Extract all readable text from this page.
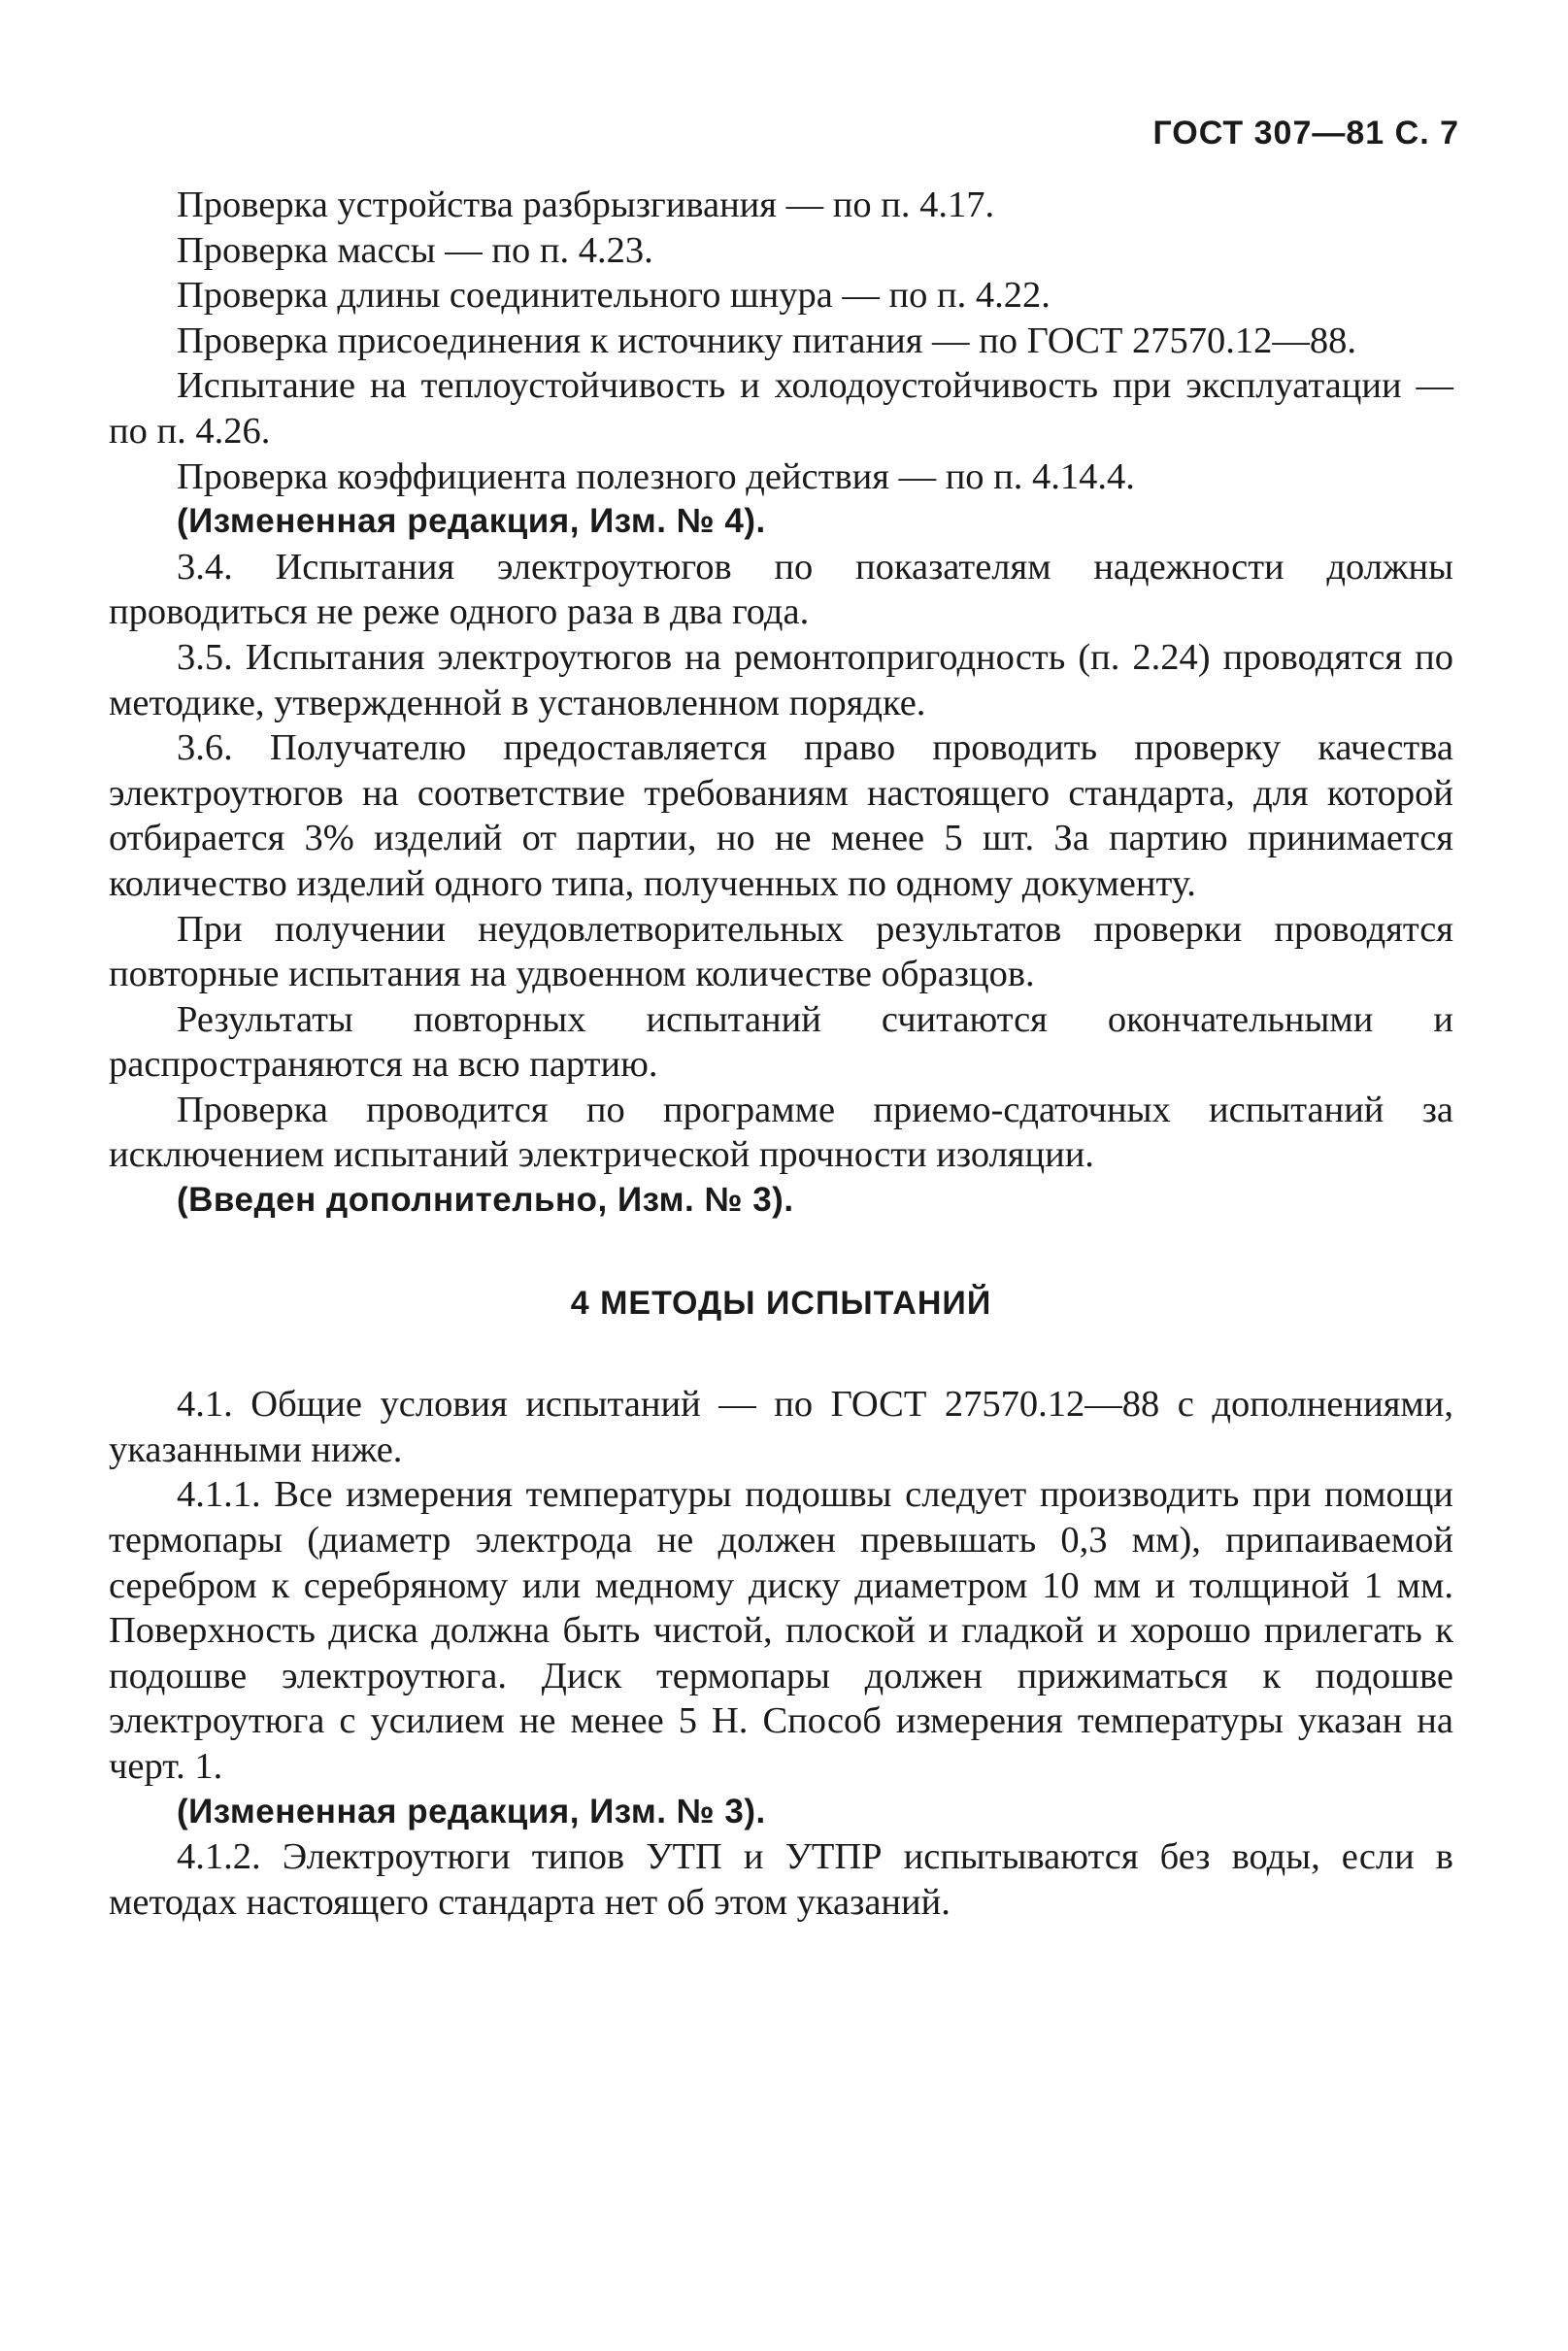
ГОСТ 307—81 С. 7

Проверка устройства разбрызгивания — по п. 4.17.

Проверка массы — по п. 4.23.

Проверка длины соединительного шнура — по п. 4.22.

Проверка присоединения к источнику питания — по ГОСТ 27570.12—88.

Испытание на теплоустойчивость и холодоустойчивость при эксплуатации — по п. 4.26.

Проверка коэффициента полезного действия — по п. 4.14.4.

(Измененная редакция, Изм. № 4).

3.4. Испытания электроутюгов по показателям надежности должны проводиться не реже одного раза в два года.

3.5. Испытания электроутюгов на ремонтопригодность (п. 2.24) проводятся по методике, утвержденной в установленном порядке.

3.6. Получателю предоставляется право проводить проверку качества электроутюгов на соответствие требованиям настоящего стандарта, для которой отбирается 3% изделий от партии, но не менее 5 шт. За партию принимается количество изделий одного типа, полученных по одному документу.

При получении неудовлетворительных результатов проверки проводятся повторные испытания на удвоенном количестве образцов.

Результаты повторных испытаний считаются окончательными и распространяются на всю партию.

Проверка проводится по программе приемо-сдаточных испытаний за исключением испытаний электрической прочности изоляции.

(Введен дополнительно, Изм. № 3).

4 МЕТОДЫ ИСПЫТАНИЙ

4.1. Общие условия испытаний — по ГОСТ 27570.12—88 с дополнениями, указанными ниже.

4.1.1. Все измерения температуры подошвы следует производить при помощи термопары (диаметр электрода не должен превышать 0,3 мм), припаиваемой серебром к серебряному или медному диску диаметром 10 мм и толщиной 1 мм. Поверхность диска должна быть чистой, плоской и гладкой и хорошо прилегать к подошве электроутюга. Диск термопары должен прижиматься к подошве электроутюга с усилием не менее 5 Н. Способ измерения температуры указан на черт. 1.

(Измененная редакция, Изм. № 3).

4.1.2. Электроутюги типов УТП и УТПР испытываются без воды, если в методах настоящего стандарта нет об этом указаний.
